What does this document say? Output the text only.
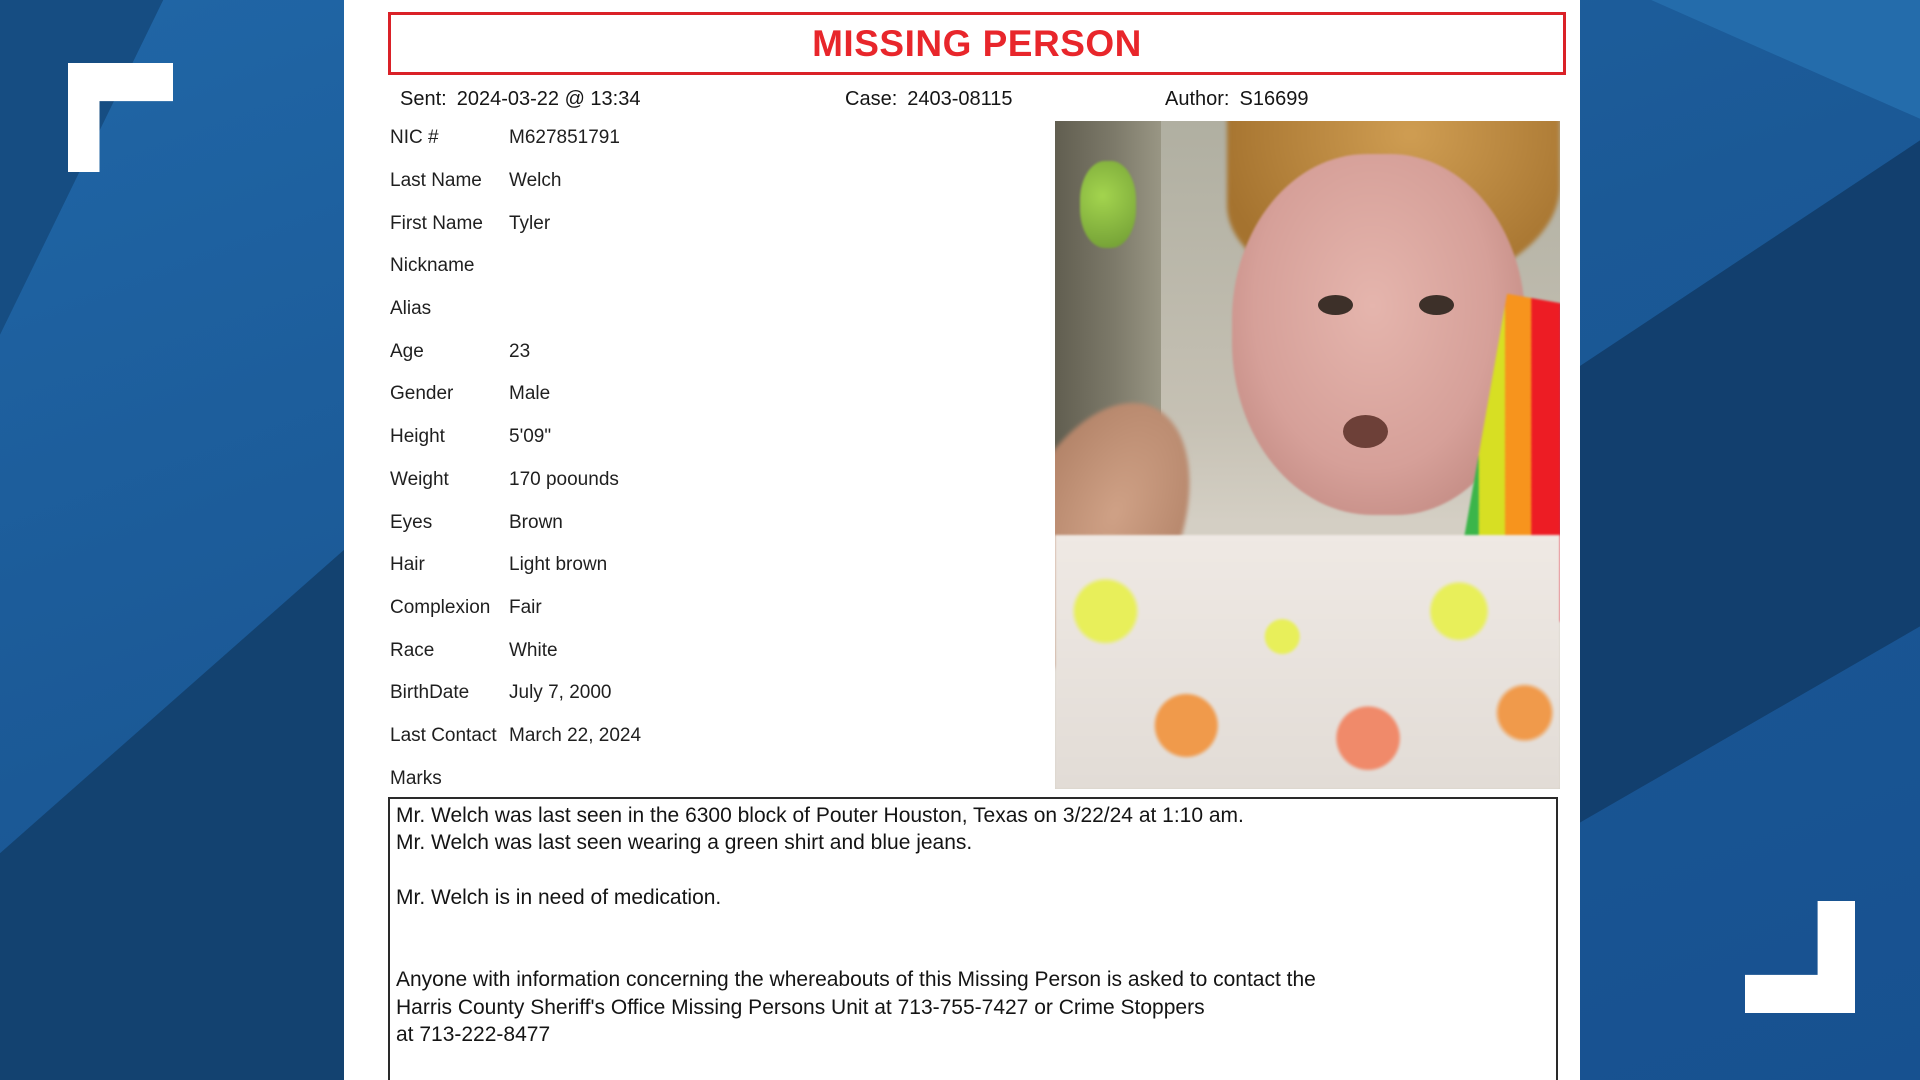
MISSING PERSON
Sent: 2024-03-22 @ 13:34	Case: 2403-08115	Author: S16699
NIC #	M627851791
Last Name	Welch
First Name	Tyler
Nickname
Alias
Age	23
Gender	Male
Height	5'09"
Weight	170 poounds
Eyes	Brown
Hair	Light brown
Complexion Fair
Race	White
BirthDate	July 7, 2000
Last Contact March 22, 2024
Marks
Mr. Welch was last seen in the 6300 block of Pouter Houston, Texas on 3/22/24 at 1:10 am.
Mr. Welch was last seen wearing a green shirt and blue jeans.
Mr. Welch is in need of medication.
Anyone with information concerning the whereabouts of this Missing Person is asked to contact the
Harris County Sheriff's Office Missing Persons Unit at 713-755-7427 or Crime Stoppers
at 713-222-8477
